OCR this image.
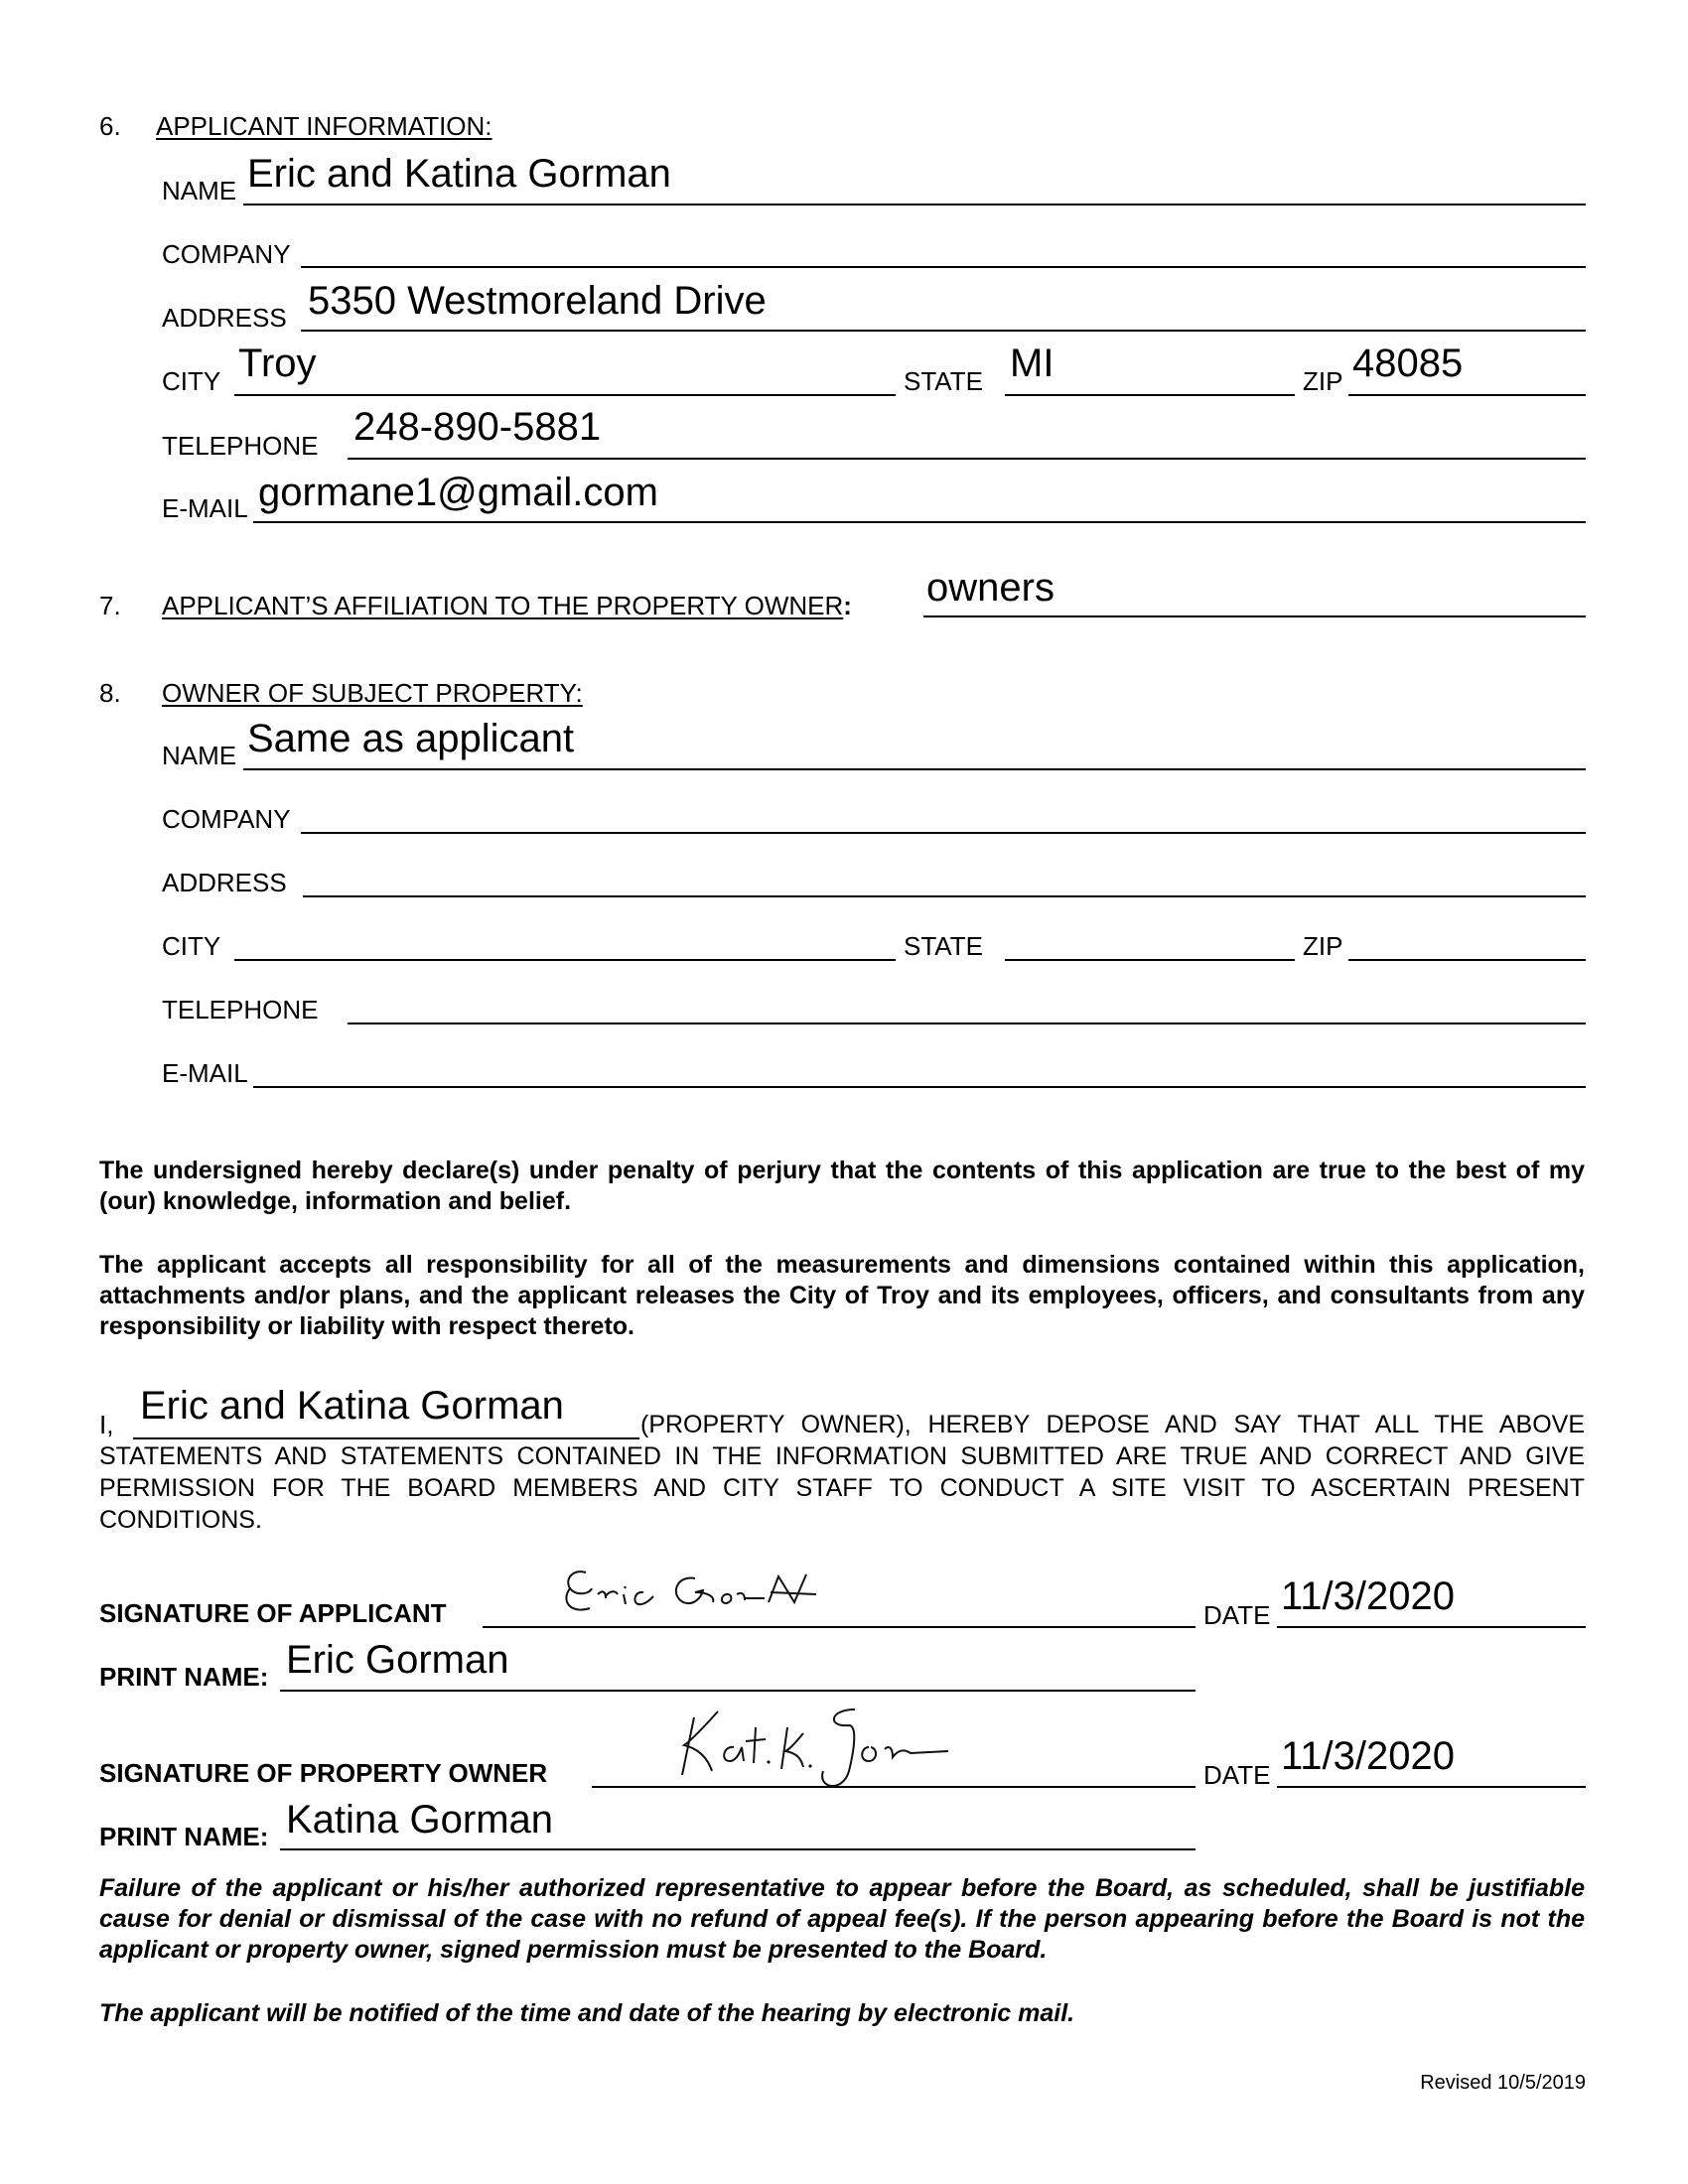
6. APPLICANT INFORMATION:
NAME Eric and Katina Gorman
COMPANY
ADDRESS 5350 Westmoreland Drive
CITY Troy	STATE MI	ZIP 48085
TELEPHONE 248-890-5881
E-MAIL gormane1@gmail.com
7. APPLICANT’S AFFILIATION TO THE PROPERTY OWNER: owners
8. OWNER OF SUBJECT PROPERTY:
NAME Same as applicant
COMPANY
ADDRESS
CITY	STATE	ZIP
TELEPHONE
E-MAIL
The undersigned hereby declare(s) under penalty of perjury that the contents of this application are true to the best of my (our) knowledge, information and belief.
The applicant accepts all responsibility for all of the measurements and dimensions contained within this application, attachments and/or plans, and the applicant releases the City of Troy and its employees, officers, and consultants from any responsibility or liability with respect thereto.
I, Eric and Katina Gorman	(PROPERTY OWNER), HEREBY DEPOSE AND SAY THAT ALL THE ABOVE STATEMENTS AND STATEMENTS CONTAINED IN THE INFORMATION SUBMITTED ARE TRUE AND CORRECT AND GIVE PERMISSION FOR THE BOARD MEMBERS AND CITY STAFF TO CONDUCT A SITE VISIT TO ASCERTAIN PRESENT CONDITIONS.
SIGNATURE OF APPLICANT	DATE 11/3/2020
PRINT NAME: Eric Gorman
SIGNATURE OF PROPERTY OWNER	DATE 11/3/2020
PRINT NAME: Katina Gorman
Failure of the applicant or his/her authorized representative to appear before the Board, as scheduled, shall be justifiable cause for denial or dismissal of the case with no refund of appeal fee(s). If the person appearing before the Board is not the applicant or property owner, signed permission must be presented to the Board.
The applicant will be notified of the time and date of the hearing by electronic mail.
Revised 10/5/2019
